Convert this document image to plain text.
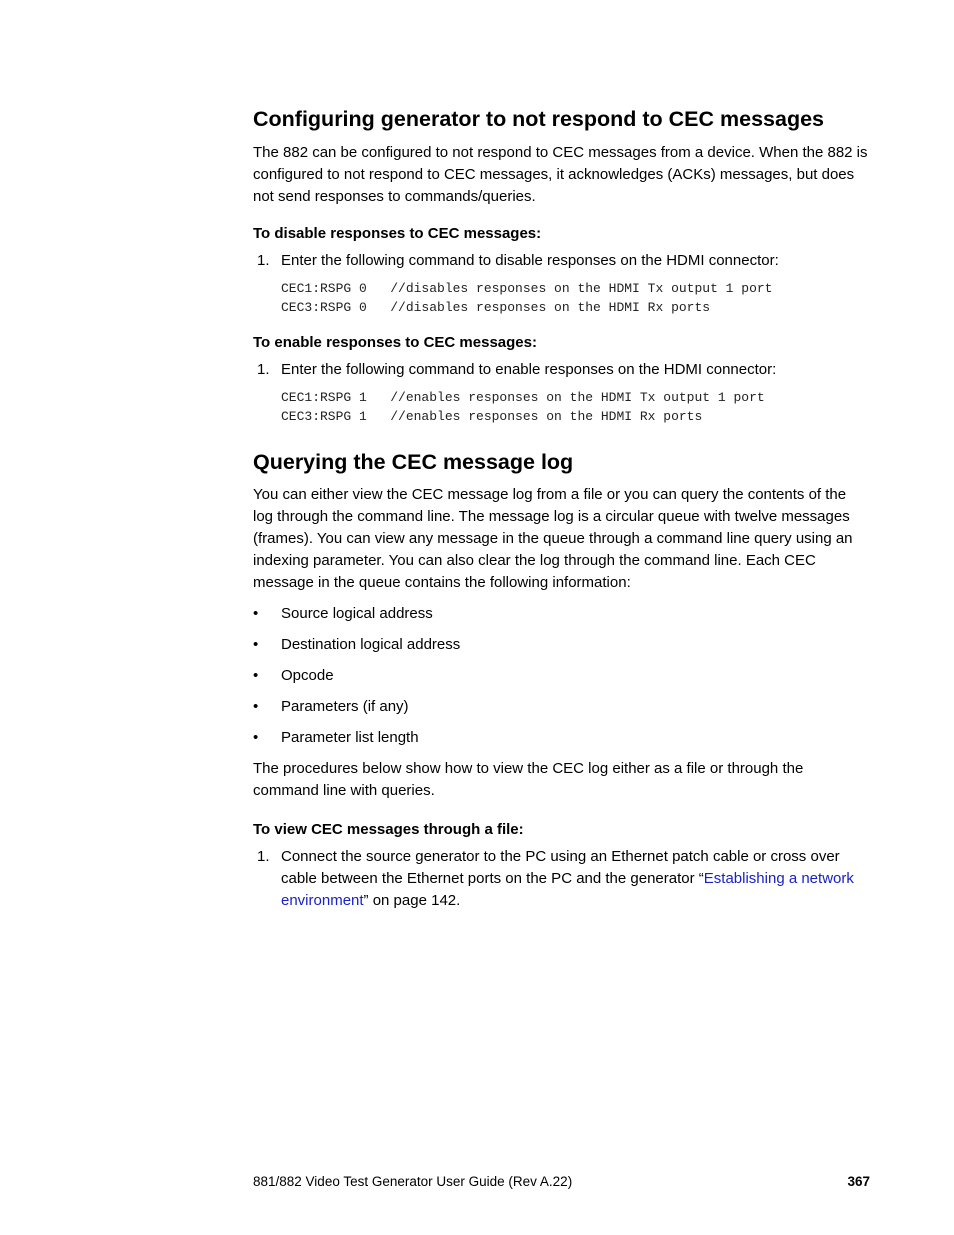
Configuring generator to not respond to CEC messages

The 882 can be configured to not respond to CEC messages from a device. When the 882 is configured to not respond to CEC messages, it acknowledges (ACKs) messages, but does not send responses to commands/queries.

To disable responses to CEC messages:

1. Enter the following command to disable responses on the HDMI connector:
CEC1:RSPG 0   //disables responses on the HDMI Tx output 1 port
CEC3:RSPG 0   //disables responses on the HDMI Rx ports

To enable responses to CEC messages:

1. Enter the following command to enable responses on the HDMI connector:
CEC1:RSPG 1   //enables responses on the HDMI Tx output 1 port
CEC3:RSPG 1   //enables responses on the HDMI Rx ports
Querying the CEC message log

You can either view the CEC message log from a file or you can query the contents of the log through the command line. The message log is a circular queue with twelve messages (frames). You can view any message in the queue through a command line query using an indexing parameter. You can also clear the log through the command line. Each CEC message in the queue contains the following information:

•	Source logical address
•	Destination logical address
•	Opcode
•	Parameters (if any)
•	Parameter list length

The procedures below show how to view the CEC log either as a file or through the command line with queries.

To view CEC messages through a file:

1. Connect the source generator to the PC using an Ethernet patch cable or cross over cable between the Ethernet ports on the PC and the generator “Establishing a network environment” on page 142.
881/882 Video Test Generator User Guide (Rev A.22)	367
